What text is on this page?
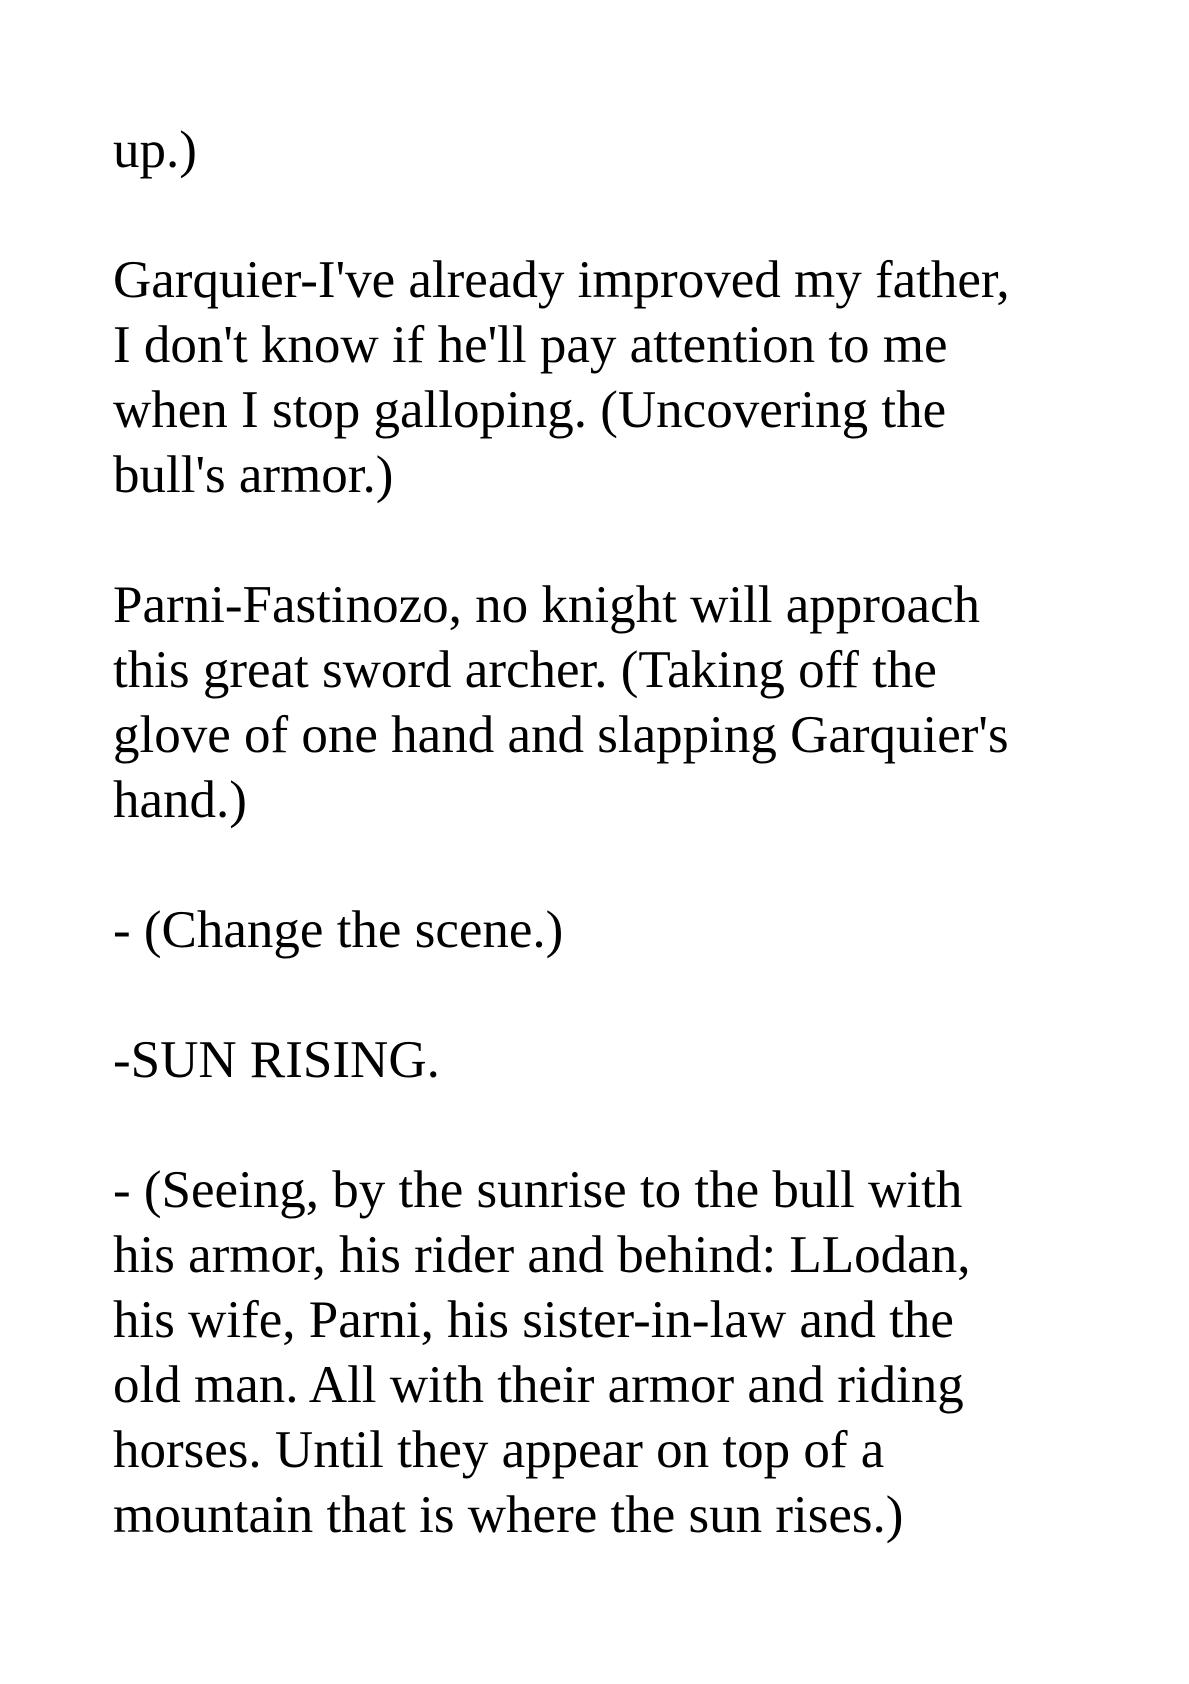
up.)
Garquier-I've already improved my father,
I don't know if he'll pay attention to me
when I stop galloping. (Uncovering the
bull's armor.)
Parni-Fastinozo, no knight will approach
this great sword archer. (Taking off the
glove of one hand and slapping Garquier's
hand.)
- (Change the scene.)
-SUN RISING.
- (Seeing, by the sunrise to the bull with
his armor, his rider and behind: LLodan,
his wife, Parni, his sister-in-law and the
old man. All with their armor and riding
horses. Until they appear on top of a
mountain that is where the sun rises.)
